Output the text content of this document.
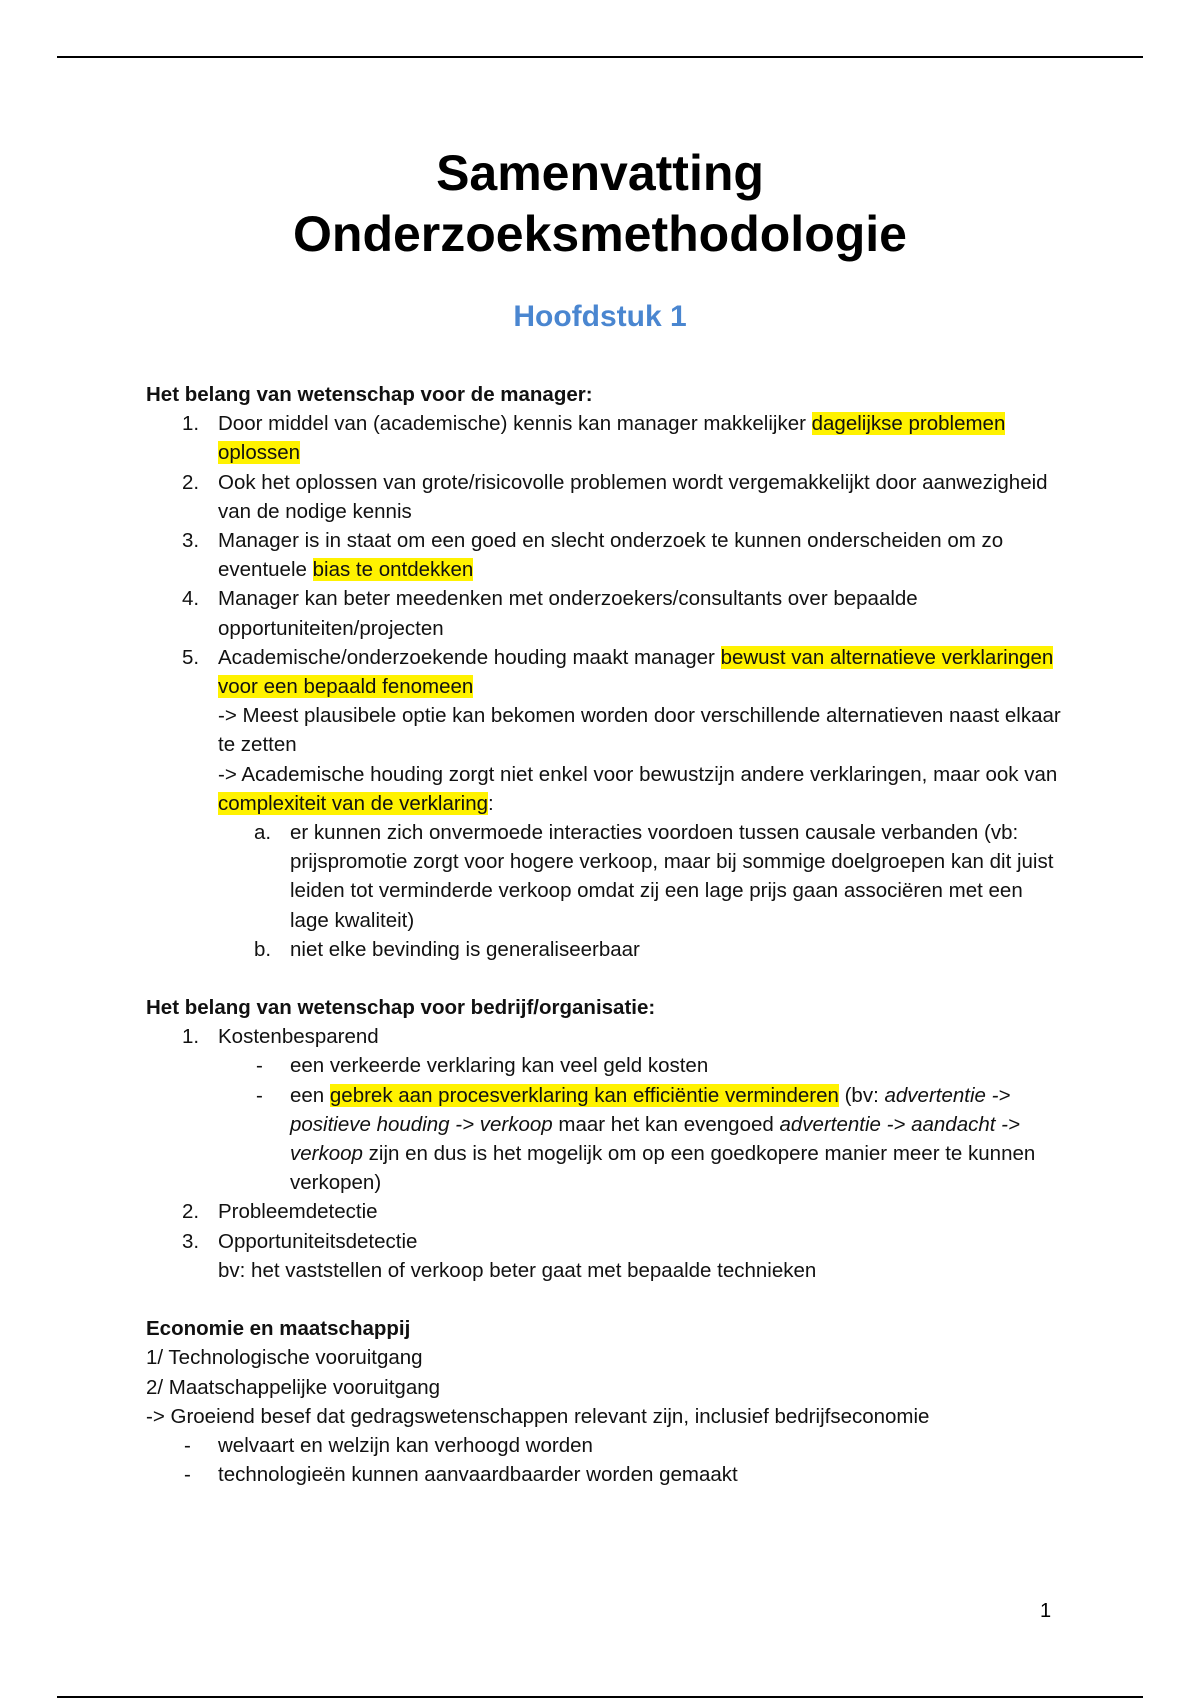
Samenvatting
Onderzoeksmethodologie
Hoofdstuk 1
Het belang van wetenschap voor de manager:
1. Door middel van (academische) kennis kan manager makkelijker dagelijkse problemen oplossen
2. Ook het oplossen van grote/risicovolle problemen wordt vergemakkelijkt door aanwezigheid van de nodige kennis
3. Manager is in staat om een goed en slecht onderzoek te kunnen onderscheiden om zo eventuele bias te ontdekken
4. Manager kan beter meedenken met onderzoekers/consultants over bepaalde opportuniteiten/projecten
5. Academische/onderzoekende houding maakt manager bewust van alternatieve verklaringen voor een bepaald fenomeen
-> Meest plausibele optie kan bekomen worden door verschillende alternatieven naast elkaar te zetten
-> Academische houding zorgt niet enkel voor bewustzijn andere verklaringen, maar ook van complexiteit van de verklaring:
a. er kunnen zich onvermoede interacties voordoen tussen causale verbanden (vb: prijspromotie zorgt voor hogere verkoop, maar bij sommige doelgroepen kan dit juist leiden tot verminderde verkoop omdat zij een lage prijs gaan associëren met een lage kwaliteit)
b. niet elke bevinding is generaliseerbaar
Het belang van wetenschap voor bedrijf/organisatie:
1. Kostenbesparend
-	een verkeerde verklaring kan veel geld kosten
-	een gebrek aan procesverklaring kan efficiëntie verminderen (bv: advertentie -> positieve houding -> verkoop maar het kan evengoed advertentie -> aandacht -> verkoop zijn en dus is het mogelijk om op een goedkopere manier meer te kunnen verkopen)
2. Probleemdetectie
3. Opportuniteitsdetectie
bv: het vaststellen of verkoop beter gaat met bepaalde technieken
Economie en maatschappij
1/ Technologische vooruitgang
2/ Maatschappelijke vooruitgang
-> Groeiend besef dat gedragswetenschappen relevant zijn, inclusief bedrijfseconomie
-	welvaart en welzijn kan verhoogd worden
-	technologieën kunnen aanvaardbaarder worden gemaakt
1
